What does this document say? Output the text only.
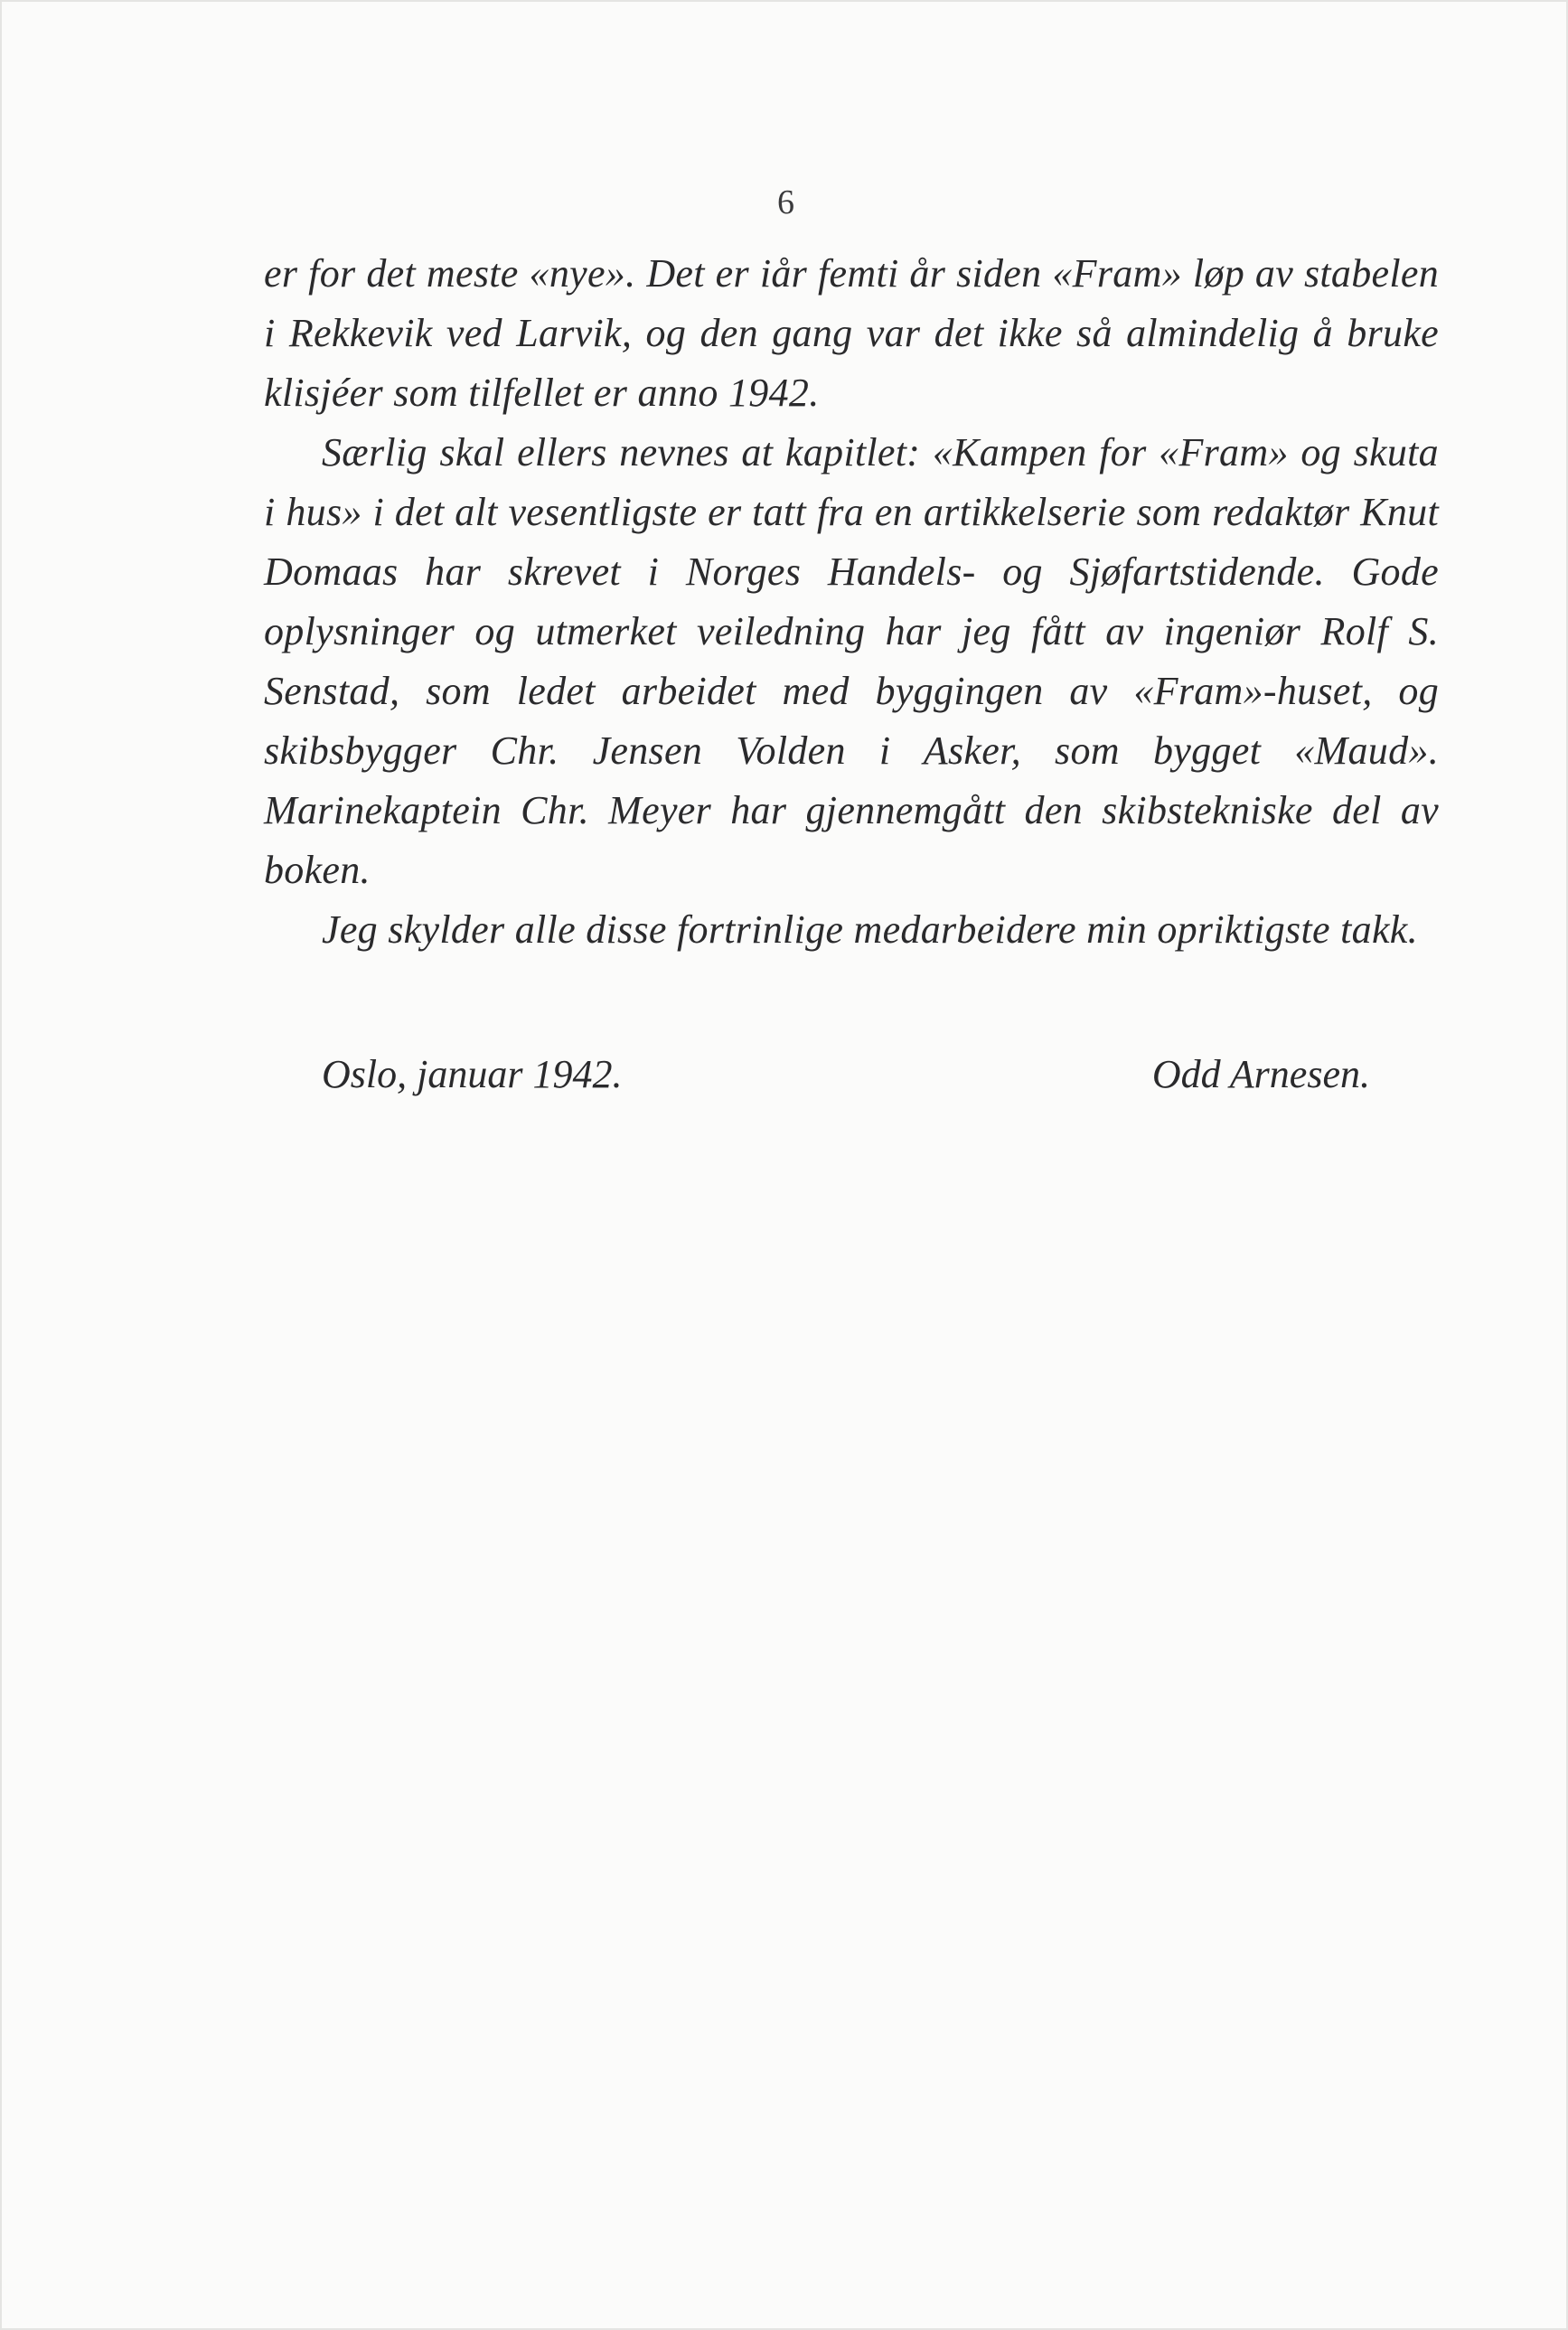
6

er for det meste «nye». Det er iår femti år siden «Fram» løp av stabelen i Rekkevik ved Larvik, og den gang var det ikke så almindelig å bruke klisjéer som tilfellet er anno 1942.

Særlig skal ellers nevnes at kapitlet: «Kampen for «Fram» og skuta i hus» i det alt vesentligste er tatt fra en artikkelserie som redaktør Knut Domaas har skrevet i Norges Handels- og Sjøfartstidende. Gode oplysninger og utmerket veiledning har jeg fått av ingeniør Rolf S. Senstad, som ledet arbeidet med byggingen av «Fram»-huset, og skibsbygger Chr. Jensen Volden i Asker, som bygget «Maud». Marinekaptein Chr. Meyer har gjennemgått den skibstekniske del av boken.

Jeg skylder alle disse fortrinlige medarbeidere min opriktigste takk.

Oslo, januar 1942.	Odd Arnesen.
